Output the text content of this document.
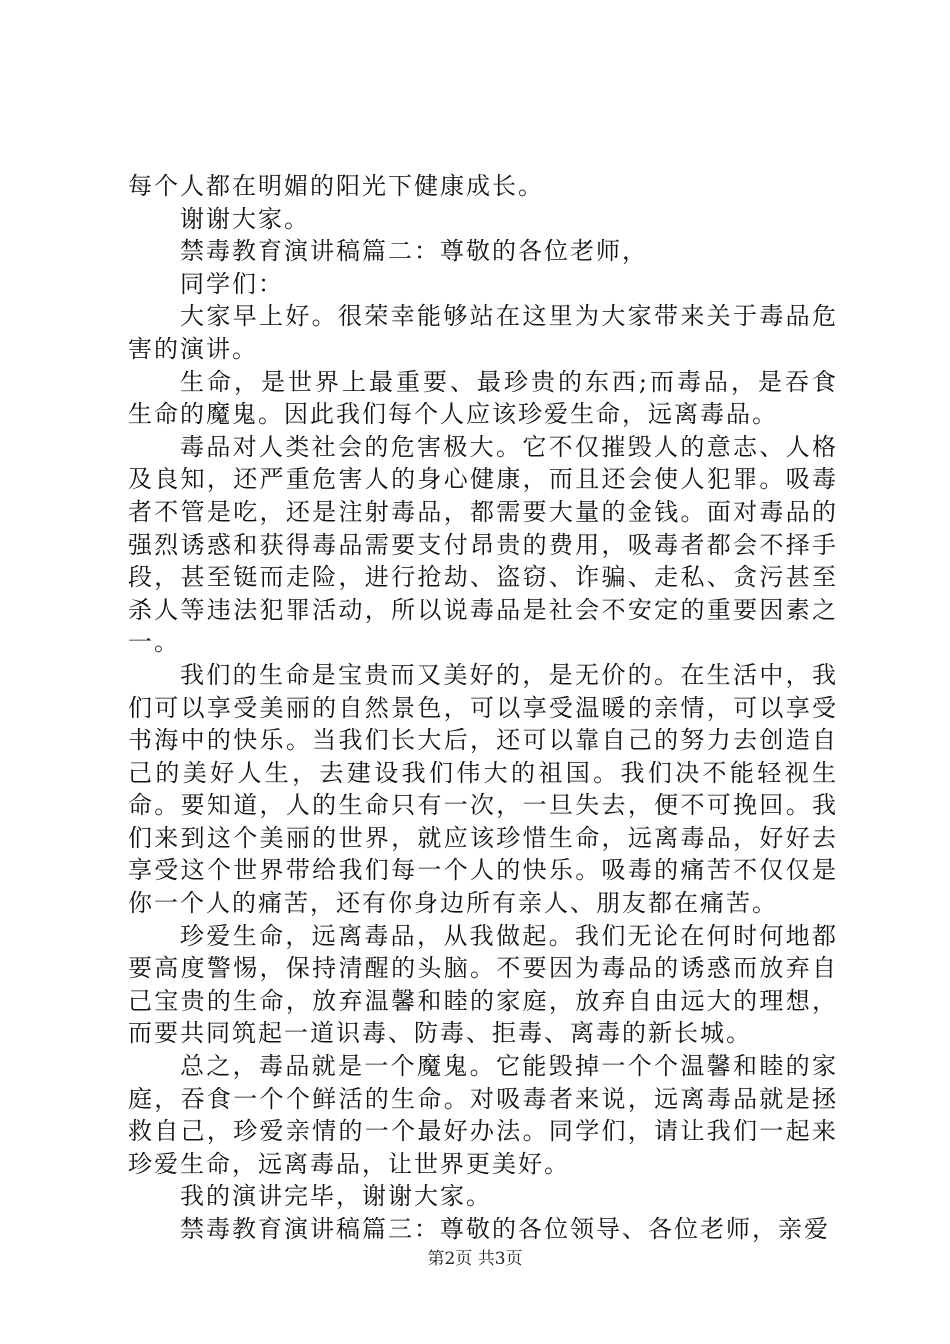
每个人都在明媚的阳光下健康成长。

谢谢大家。

禁毒教育演讲稿篇二：尊敬的各位老师，

同学们：

大家早上好。很荣幸能够站在这里为大家带来关于毒品危害的演讲。

生命，是世界上最重要、最珍贵的东西;而毒品，是吞食生命的魔鬼。因此我们每个人应该珍爱生命，远离毒品。

毒品对人类社会的危害极大。它不仅摧毁人的意志、人格及良知，还严重危害人的身心健康，而且还会使人犯罪。吸毒者不管是吃，还是注射毒品，都需要大量的金钱。面对毒品的强烈诱惑和获得毒品需要支付昂贵的费用，吸毒者都会不择手段，甚至铤而走险，进行抢劫、盗窃、诈骗、走私、贪污甚至杀人等违法犯罪活动，所以说毒品是社会不安定的重要因素之一。

我们的生命是宝贵而又美好的，是无价的。在生活中，我们可以享受美丽的自然景色，可以享受温暖的亲情，可以享受书海中的快乐。当我们长大后，还可以靠自己的努力去创造自己的美好人生，去建设我们伟大的祖国。我们决不能轻视生命。要知道，人的生命只有一次，一旦失去，便不可挽回。我们来到这个美丽的世界，就应该珍惜生命，远离毒品，好好去享受这个世界带给我们每一个人的快乐。吸毒的痛苦不仅仅是你一个人的痛苦，还有你身边所有亲人、朋友都在痛苦。

珍爱生命，远离毒品，从我做起。我们无论在何时何地都要高度警惕，保持清醒的头脑。不要因为毒品的诱惑而放弃自己宝贵的生命，放弃温馨和睦的家庭，放弃自由远大的理想，而要共同筑起一道识毒、防毒、拒毒、离毒的新长城。

总之，毒品就是一个魔鬼。它能毁掉一个个温馨和睦的家庭，吞食一个个鲜活的生命。对吸毒者来说，远离毒品就是拯救自己，珍爱亲情的一个最好办法。同学们，请让我们一起来珍爱生命，远离毒品，让世界更美好。

我的演讲完毕，谢谢大家。

禁毒教育演讲稿篇三：尊敬的各位领导、各位老师，亲爱

第2页 共3页
